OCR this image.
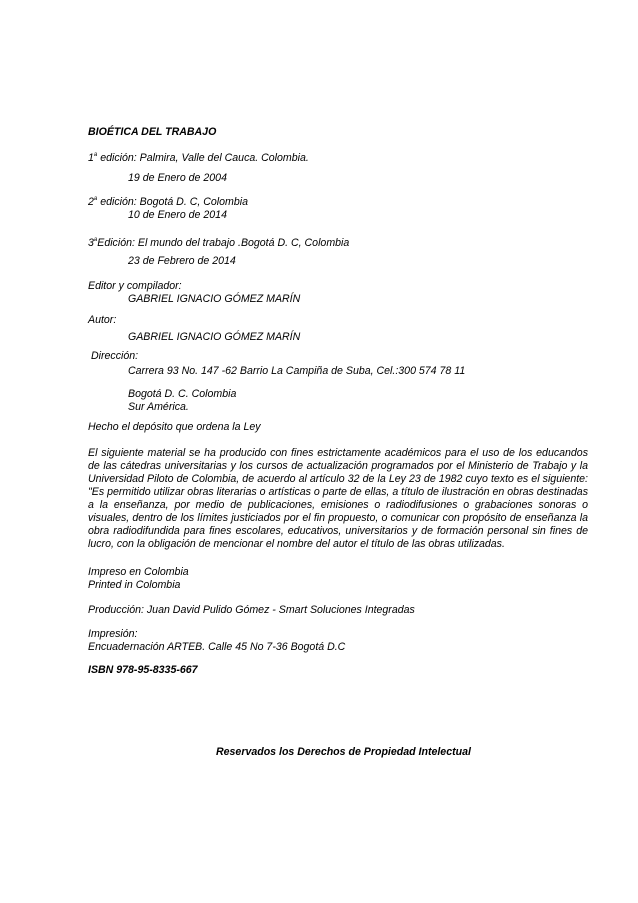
BIOÉTICA DEL TRABAJO

1$^a$ edición: Palmira, Valle del Cauca. Colombia.

19 de Enero de 2004

2$^a$ edición: Bogotá D. C, Colombia

10 de Enero de 2014

3$^a$Edición: El mundo del trabajo .Bogotá D. C, Colombia

23 de Febrero de 2014

Editor y compilador:

GABRIEL IGNACIO GÓMEZ MARÍN

Autor:

GABRIEL IGNACIO GÓMEZ MARÍN

Dirección:

Carrera 93 No. 147 -62 Barrio La Campiña de Suba, Cel.:300 574 78 11

Bogotá D. C. Colombia

Sur América.

Hecho el depósito que ordena la Ley

El siguiente material se ha producido con fines estrictamente académicos para el uso de los educandos de las cátedras universitarias y los cursos de actualización programados por el Ministerio de Trabajo y la Universidad Piloto de Colombia, de acuerdo al artículo 32 de la Ley 23 de 1982 cuyo texto es el siguiente: "Es permitido utilizar obras literarias o artísticas o parte de ellas, a título de ilustración en obras destinadas a la enseñanza, por medio de publicaciones, emisiones o radiodifusiones o grabaciones sonoras o visuales, dentro de los límites justiciados por el fin propuesto, o comunicar con propósito de enseñanza la obra radiodifundida para fines escolares, educativos, universitarios y de formación personal sin fines de lucro, con la obligación de mencionar el nombre del autor el título de las obras utilizadas.

Impreso en Colombia

Printed in Colombia

Producción: Juan David Pulido Gómez - Smart Soluciones Integradas

Impresión:

Encuadernación ARTEB. Calle 45 No 7-36 Bogotá D.C

ISBN 978-95-8335-667

Reservados los Derechos de Propiedad Intelectual
